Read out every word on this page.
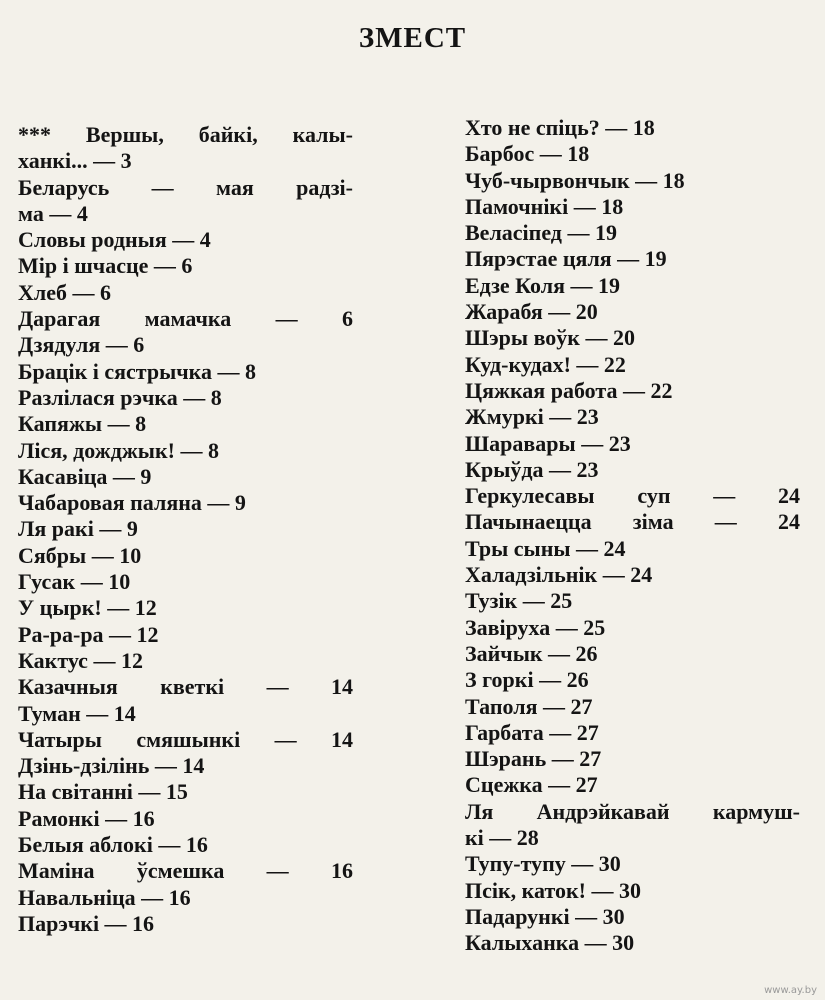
ЗМЕСТ
*** Вершы, байкі, калы-
ханкі... — 3
Беларусь — мая радзі-
ма — 4
Словы родныя — 4
Мір і шчасце — 6
Хлеб — 6
Дарагая мамачка — 6
Дзядуля — 6
Брацік і сястрычка — 8
Разлілася рэчка — 8
Капяжы — 8
Ліся, дожджык! — 8
Касавіца — 9
Чабаровая паляна — 9
Ля ракі — 9
Сябры — 10
Гусак — 10
У цырк! — 12
Ра-ра-ра — 12
Кактус — 12
Казачныя кветкі — 14
Туман — 14
Чатыры смяшынкі — 14
Дзінь-дзілінь — 14
На світанні — 15
Рамонкі — 16
Белыя аблокі — 16
Маміна ўсмешка — 16
Навальніца — 16
Парэчкі — 16
Хто не спіць? — 18
Барбос — 18
Чуб-чырвончык — 18
Памочнікі — 18
Веласіпед — 19
Пярэстае цяля — 19
Едзе Коля — 19
Жарабя — 20
Шэры воўк — 20
Куд-кудах! — 22
Цяжкая работа — 22
Жмуркі — 23
Шаравары — 23
Крыўда — 23
Геркулесавы суп — 24
Пачынаецца зіма — 24
Тры сыны — 24
Халадзільнік — 24
Тузік — 25
Завіруха — 25
Зайчык — 26
З горкі — 26
Таполя — 27
Гарбата — 27
Шэрань — 27
Сцежка — 27
Ля Андрэйкавай кармуш-
кі — 28
Тупу-тупу — 30
Псік, каток! — 30
Падарункі — 30
Калыханка — 30
www.ay.by
